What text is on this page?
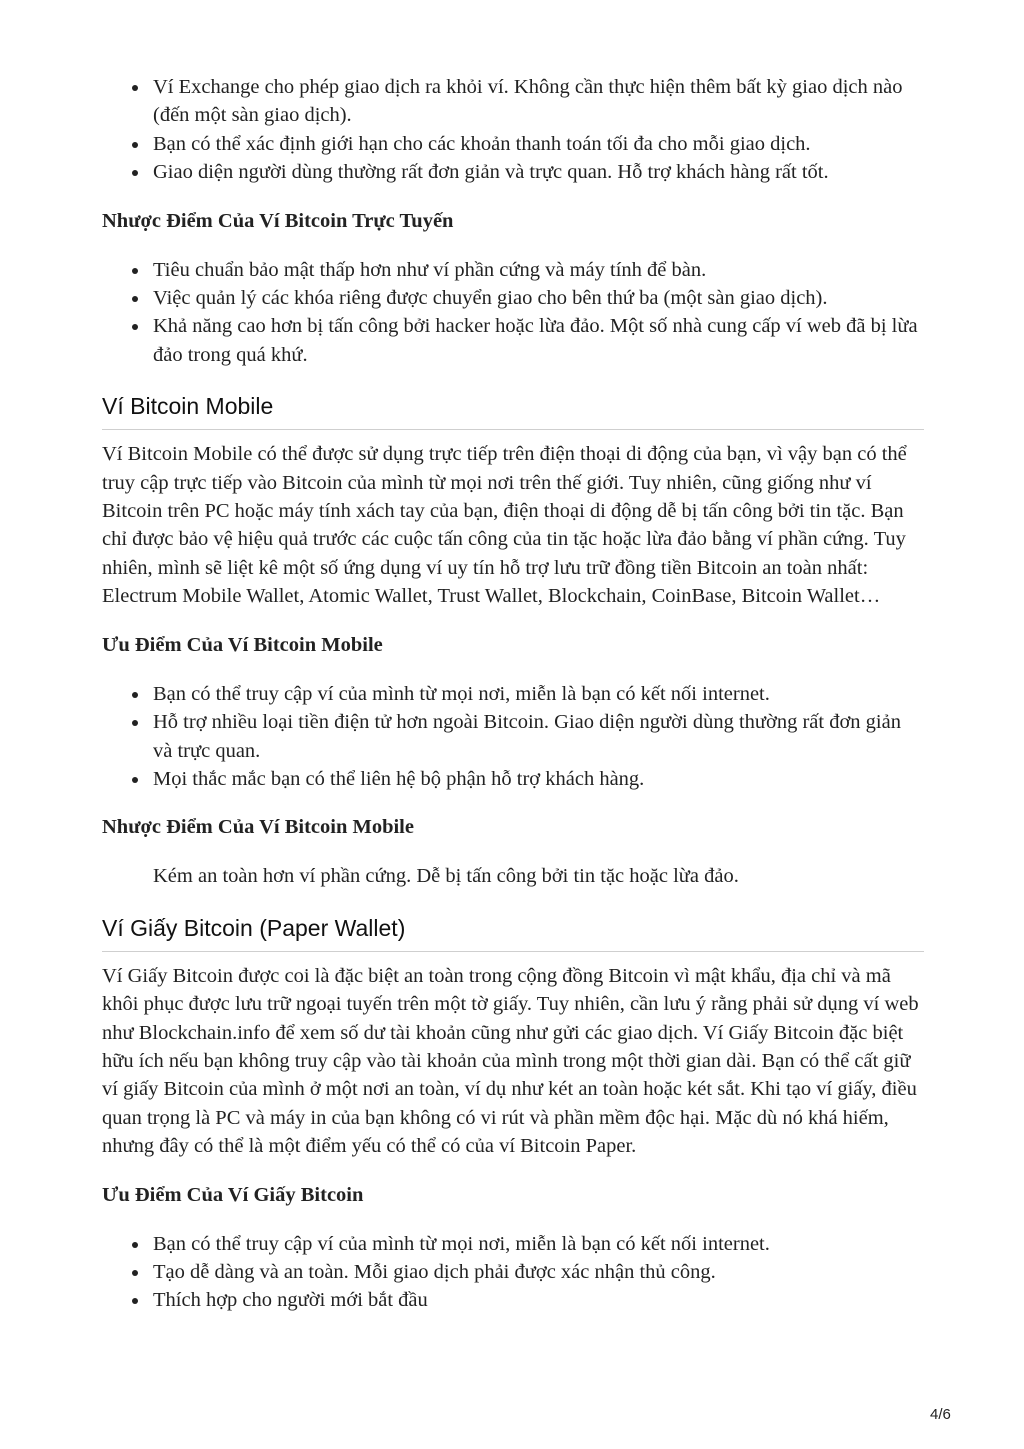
Ví Exchange cho phép giao dịch ra khỏi ví. Không cần thực hiện thêm bất kỳ giao dịch nào (đến một sàn giao dịch).
Bạn có thể xác định giới hạn cho các khoản thanh toán tối đa cho mỗi giao dịch.
Giao diện người dùng thường rất đơn giản và trực quan. Hỗ trợ khách hàng rất tốt.
Nhược Điểm Của Ví Bitcoin Trực Tuyến
Tiêu chuẩn bảo mật thấp hơn như ví phần cứng và máy tính để bàn.
Việc quản lý các khóa riêng được chuyển giao cho bên thứ ba (một sàn giao dịch).
Khả năng cao hơn bị tấn công bởi hacker hoặc lừa đảo. Một số nhà cung cấp ví web đã bị lừa đảo trong quá khứ.
Ví Bitcoin Mobile

Ví Bitcoin Mobile có thể được sử dụng trực tiếp trên điện thoại di động của bạn, vì vậy bạn có thể truy cập trực tiếp vào Bitcoin của mình từ mọi nơi trên thế giới. Tuy nhiên, cũng giống như ví Bitcoin trên PC hoặc máy tính xách tay của bạn, điện thoại di động dễ bị tấn công bởi tin tặc. Bạn chỉ được bảo vệ hiệu quả trước các cuộc tấn công của tin tặc hoặc lừa đảo bằng ví phần cứng. Tuy nhiên, mình sẽ liệt kê một số ứng dụng ví uy tín hỗ trợ lưu trữ đồng tiền Bitcoin an toàn nhất: Electrum Mobile Wallet, Atomic Wallet, Trust Wallet, Blockchain, CoinBase, Bitcoin Wallet…

Ưu Điểm Của Ví Bitcoin Mobile
Bạn có thể truy cập ví của mình từ mọi nơi, miễn là bạn có kết nối internet.
Hỗ trợ nhiều loại tiền điện tử hơn ngoài Bitcoin. Giao diện người dùng thường rất đơn giản và trực quan.
Mọi thắc mắc bạn có thể liên hệ bộ phận hỗ trợ khách hàng.
Nhược Điểm Của Ví Bitcoin Mobile

Kém an toàn hơn ví phần cứng. Dễ bị tấn công bởi tin tặc hoặc lừa đảo.

Ví Giấy Bitcoin (Paper Wallet)

Ví Giấy Bitcoin được coi là đặc biệt an toàn trong cộng đồng Bitcoin vì mật khẩu, địa chỉ và mã khôi phục được lưu trữ ngoại tuyến trên một tờ giấy. Tuy nhiên, cần lưu ý rằng phải sử dụng ví web như Blockchain.info để xem số dư tài khoản cũng như gửi các giao dịch. Ví Giấy Bitcoin đặc biệt hữu ích nếu bạn không truy cập vào tài khoản của mình trong một thời gian dài. Bạn có thể cất giữ ví giấy Bitcoin của mình ở một nơi an toàn, ví dụ như két an toàn hoặc két sắt. Khi tạo ví giấy, điều quan trọng là PC và máy in của bạn không có vi rút và phần mềm độc hại. Mặc dù nó khá hiếm, nhưng đây có thể là một điểm yếu có thể có của ví Bitcoin Paper.

Ưu Điểm Của Ví Giấy Bitcoin
Bạn có thể truy cập ví của mình từ mọi nơi, miễn là bạn có kết nối internet.
Tạo dễ dàng và an toàn. Mỗi giao dịch phải được xác nhận thủ công.
Thích hợp cho người mới bắt đầu
4/6
